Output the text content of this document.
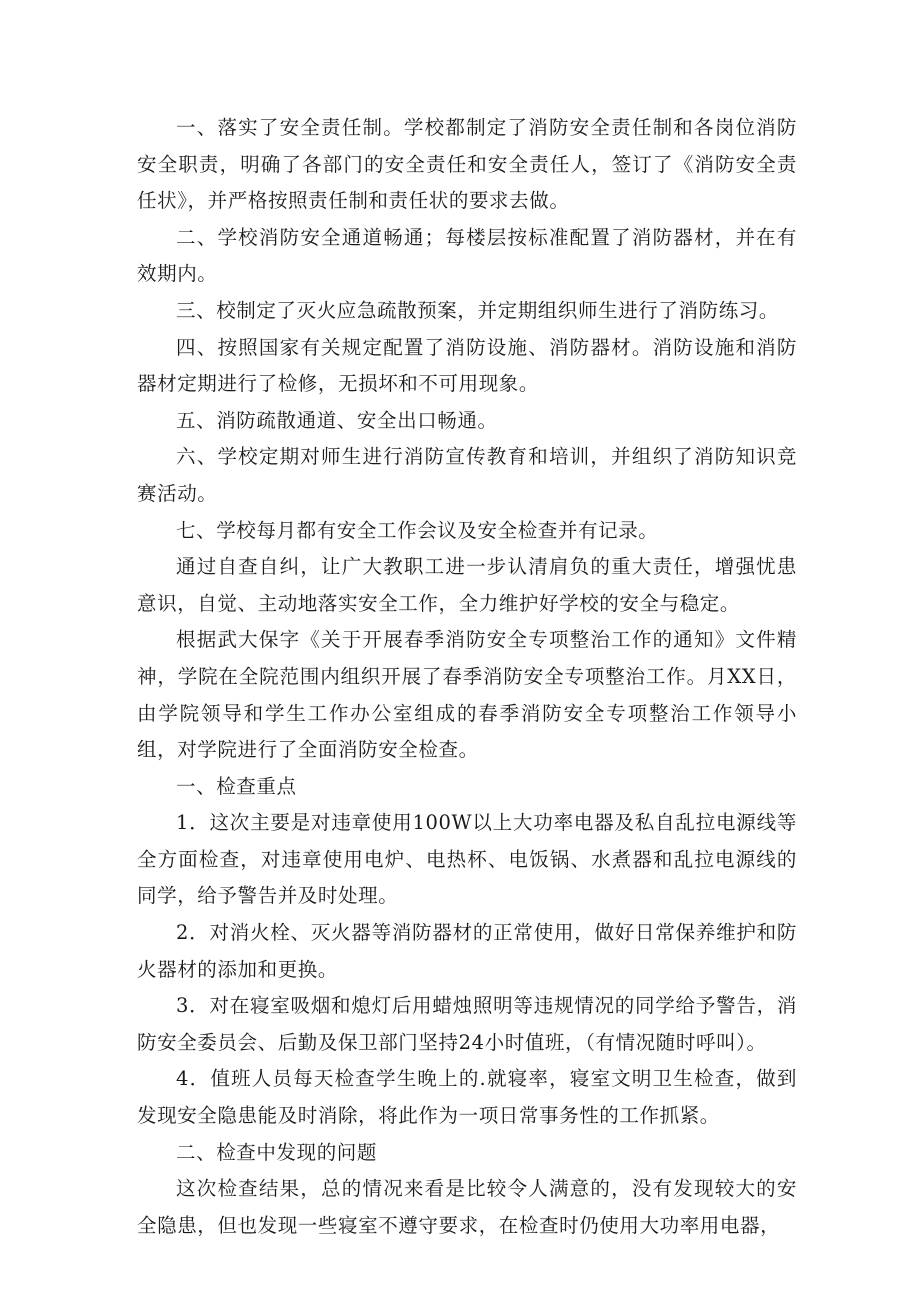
一、落实了安全责任制。学校都制定了消防安全责任制和各岗位消防安全职责，明确了各部门的安全责任和安全责任人，签订了《消防安全责任状》，并严格按照责任制和责任状的要求去做。

二、学校消防安全通道畅通；每楼层按标准配置了消防器材，并在有效期内。

三、校制定了灭火应急疏散预案，并定期组织师生进行了消防练习。

四、按照国家有关规定配置了消防设施、消防器材。消防设施和消防器材定期进行了检修，无损坏和不可用现象。

五、消防疏散通道、安全出口畅通。

六、学校定期对师生进行消防宣传教育和培训，并组织了消防知识竞赛活动。

七、学校每月都有安全工作会议及安全检查并有记录。

通过自查自纠，让广大教职工进一步认清肩负的重大责任，增强忧患意识，自觉、主动地落实安全工作，全力维护好学校的安全与稳定。

根据武大保字《关于开展春季消防安全专项整治工作的通知》文件精神，学院在全院范围内组织开展了春季消防安全专项整治工作。月XX日，由学院领导和学生工作办公室组成的春季消防安全专项整治工作领导小组，对学院进行了全面消防安全检查。

一、检查重点

1．这次主要是对违章使用100W以上大功率电器及私自乱拉电源线等全方面检查，对违章使用电炉、电热杯、电饭锅、水煮器和乱拉电源线的同学，给予警告并及时处理。

2．对消火栓、灭火器等消防器材的正常使用，做好日常保养维护和防火器材的添加和更换。

3．对在寝室吸烟和熄灯后用蜡烛照明等违规情况的同学给予警告，消防安全委员会、后勤及保卫部门坚持24小时值班，（有情况随时呼叫）。

4．值班人员每天检查学生晚上的.就寝率，寝室文明卫生检查，做到发现安全隐患能及时消除，将此作为一项日常事务性的工作抓紧。

二、检查中发现的问题

这次检查结果，总的情况来看是比较令人满意的，没有发现较大的安全隐患，但也发现一些寝室不遵守要求，在检查时仍使用大功率用电器，
